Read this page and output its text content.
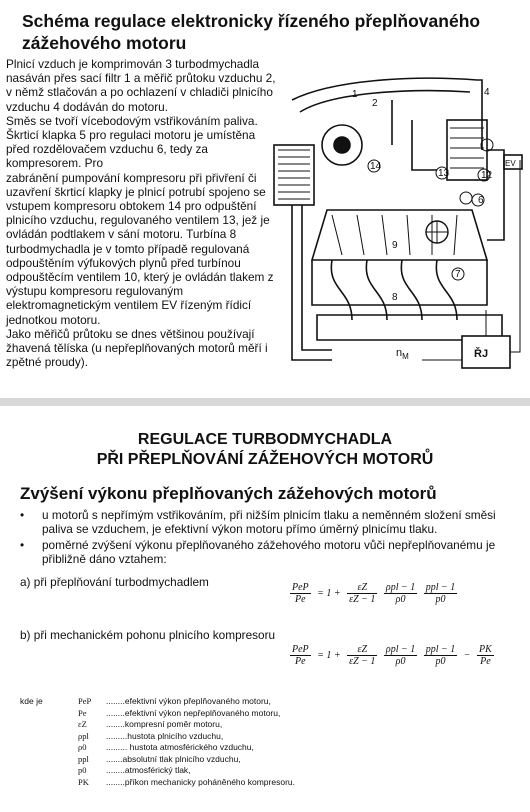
Schéma regulace elektronicky řízeného přeplňovaného zážehového motoru

Plnicí vzduch je komprimován 3 turbodmychadla nasáván přes sací filtr 1 a měřič průtoku vzduchu 2, v němž stlačován a po ochlazení v chladiči plnicího vzduchu 4 dodáván do motoru.

Směs se tvoří vícebodovým vstřikováním paliva.

Škrticí klapka 5 pro regulaci motoru je umístěna před rozdělovačem vzduchu 6, tedy za kompresorem. Pro

zabránění pumpování kompresoru při přivření či uzavření škrticí klapky je plnicí potrubí spojeno se vstupem kompresoru obtokem 14 pro odpuštění plnicího vzduchu, regulovaného ventilem 13, jež je ovládán podtlakem v sání motoru. Turbína 8 turbodmychadla je v tomto případě regulovaná odpouštěním výfukových plynů před turbínou odpouštěcím ventilem 10, který je ovládán tlakem z výstupu kompresoru regulovaným elektromagnetickým ventilem EV řízeným řídicí jednotkou motoru.

Jako měřičů průtoku se dnes většinou používají žhavená tělíska (u nepřeplňovaných motorů měří i zpětné proudy).

1
2
4
6
7
8
9
12
13
14	EV
ŘJ
$n_M$
REGULACE TURBODMYCHADLA
PŘI PŘEPLŇOVÁNÍ ZÁŽEHOVÝCH MOTORŮ
Zvýšení výkonu přeplňovaných zážehových motorů
• u motorů s nepřímým vstřikováním, při nižším plnicím tlaku a neměnném složení směsi paliva se vzduchem, je efektivní výkon motoru přímo úměrný plnicímu tlaku.
• poměrné zvýšení výkonu přeplňovaného zážehového motoru vůči nepřeplňovanému je přibližně dáno vztahem:
a) při přeplňování turbodmychadlem	$\frac{\text{PeP}}{Pe} = 1 + \frac{\varepsilon Z}{\varepsilon Z - 1}$
$\frac{\text{ρpl − 1}}{\rho 0}$
$\frac{\text{ppl − 1}}{p0}$
b) při mechanickém pohonu plnicího kompresoru
$\frac{\text{PeP}}{Pe} = 1 + \frac{\varepsilon Z}{\varepsilon Z - 1}$
$\frac{\text{ρpl − 1}}{\rho 0}$
$\frac{\text{ppl − 1}}{p0} - \frac{PK}{Pe}$
kde je	PeP ........efektivní výkon přeplňovaného motoru,
Pe ........efektivní výkon nepřeplňovaného motoru,
εZ ........kompresní poměr motoru,
ρpl .........hustota plnicího vzduchu,
ρ0 ......... hustota atmosférického vzduchu,
ppl .......absolutní tlak plnicího vzduchu,
p0 ........atmosférický tlak,
PK ........příkon mechanicky poháněného kompresoru.
